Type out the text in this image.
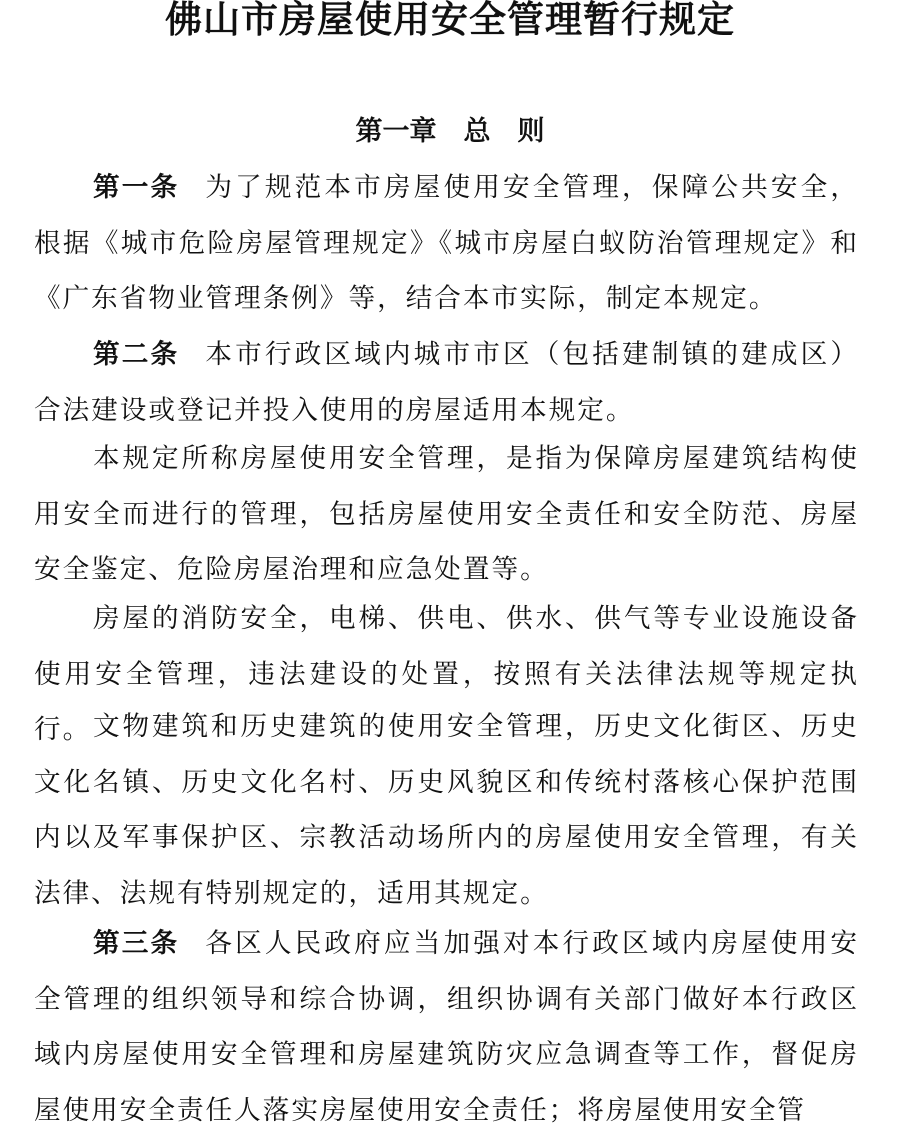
佛山市房屋使用安全管理暂行规定
第一章　总　则

第一条 为了规范本市房屋使用安全管理，保障公共安全，根据《城市危险房屋管理规定》《城市房屋白蚁防治管理规定》和《广东省物业管理条例》等，结合本市实际，制定本规定。

第二条 本市行政区域内城市市区（包括建制镇的建成区）合法建设或登记并投入使用的房屋适用本规定。

本规定所称房屋使用安全管理，是指为保障房屋建筑结构使用安全而进行的管理，包括房屋使用安全责任和安全防范、房屋安全鉴定、危险房屋治理和应急处置等。

房屋的消防安全，电梯、供电、供水、供气等专业设施设备使用安全管理，违法建设的处置，按照有关法律法规等规定执行。 文物建筑和历史建筑的使用安全管理，历史文化街区、历史文化名镇、历史文化名村、历史风貌区和传统村落核心保护范围内以及军事保护区、宗教活动场所内的房屋使用安全管理，有关法律、法规有特别规定的，适用其规定。

第三条 各区人民政府应当加强对本行政区域内房屋使用安全管理的组织领导和综合协调，组织协调有关部门做好本行政区域内房屋使用安全管理和房屋建筑防灾应急调查等工作，督促房屋使用安全责任人落实房屋使用安全责任；将房屋使用安全管
